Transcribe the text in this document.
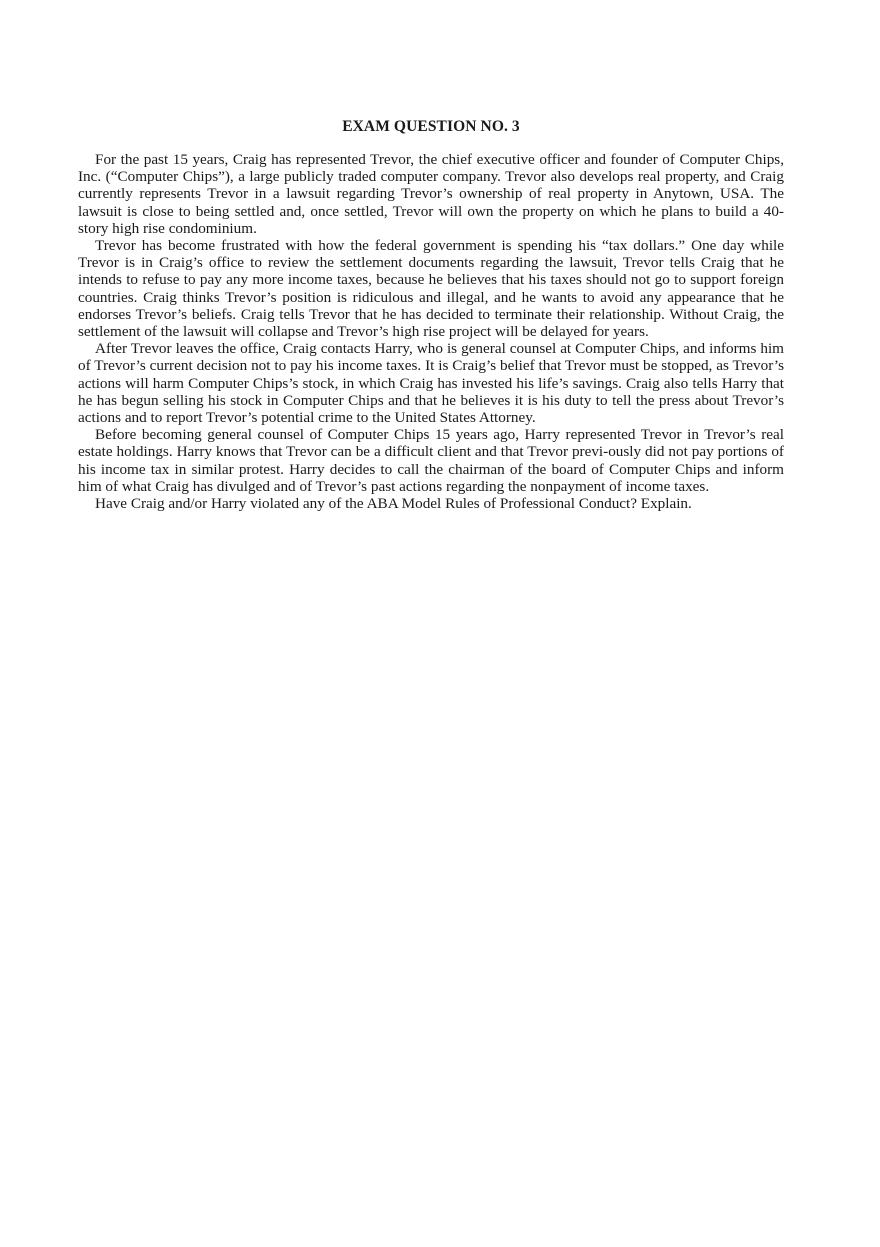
EXAM QUESTION NO. 3

For the past 15 years, Craig has represented Trevor, the chief executive officer and founder of Computer Chips, Inc. (“Computer Chips”), a large publicly traded computer company. Trevor also develops real property, and Craig currently represents Trevor in a lawsuit regarding Trevor’s ownership of real property in Anytown, USA. The lawsuit is close to being settled and, once settled, Trevor will own the property on which he plans to build a 40-story high rise condominium.

Trevor has become frustrated with how the federal government is spending his “tax dollars.” One day while Trevor is in Craig’s office to review the settlement documents regarding the lawsuit, Trevor tells Craig that he intends to refuse to pay any more income taxes, because he believes that his taxes should not go to support foreign countries. Craig thinks Trevor’s position is ridiculous and illegal, and he wants to avoid any appearance that he endorses Trevor’s beliefs. Craig tells Trevor that he has decided to terminate their relationship. Without Craig, the settlement of the lawsuit will collapse and Trevor’s high rise project will be delayed for years.

After Trevor leaves the office, Craig contacts Harry, who is general counsel at Computer Chips, and informs him of Trevor’s current decision not to pay his income taxes. It is Craig’s belief that Trevor must be stopped, as Trevor’s actions will harm Computer Chips’s stock, in which Craig has invested his life’s savings. Craig also tells Harry that he has begun selling his stock in Computer Chips and that he believes it is his duty to tell the press about Trevor’s actions and to report Trevor’s potential crime to the United States Attorney.

Before becoming general counsel of Computer Chips 15 years ago, Harry represented Trevor in Trevor’s real estate holdings. Harry knows that Trevor can be a difficult client and that Trevor previ-ously did not pay portions of his income tax in similar protest. Harry decides to call the chairman of the board of Computer Chips and inform him of what Craig has divulged and of Trevor’s past actions regarding the nonpayment of income taxes.

Have Craig and/or Harry violated any of the ABA Model Rules of Professional Conduct? Explain.
